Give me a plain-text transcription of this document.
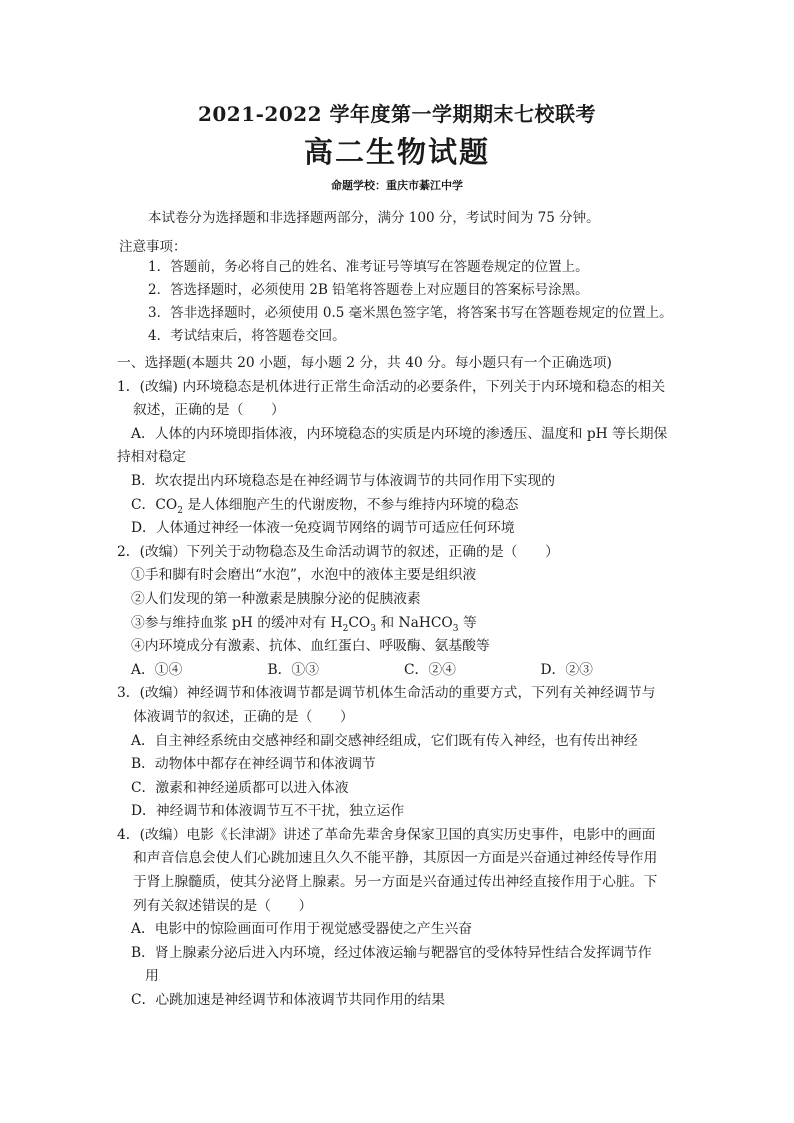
2021-2022 学年度第一学期期末七校联考
高二生物试题
命题学校：重庆市綦江中学
本试卷分为选择题和非选择题两部分，满分 100 分，考试时间为 75 分钟。
注意事项：
1．答题前，务必将自己的姓名、准考证号等填写在答题卷规定的位置上。
2．答选择题时，必须使用 2B 铅笔将答题卷上对应题目的答案标号涂黑。
3．答非选择题时，必须使用 0.5 毫米黑色签字笔，将答案书写在答题卷规定的位置上。
4．考试结束后，将答题卷交回。
一、选择题(本题共 20 小题，每小题 2 分，共 40 分。每小题只有一个正确选项)
1．(改编) 内环境稳态是机体进行正常生命活动的必要条件，下列关于内环境和稳态的相关
叙述，正确的是（　　）
A．人体的内环境即指体液，内环境稳态的实质是内环境的渗透压、温度和 pH 等长期保
持相对稳定
B．坎农提出内环境稳态是在神经调节与体液调节的共同作用下实现的
C．$CO_2$ 是人体细胞产生的代谢废物，不参与维持内环境的稳态
D．人体通过神经一体液一免疫调节网络的调节可适应任何环境
2．(改编）下列关于动物稳态及生命活动调节的叙述，正确的是（　　）
①手和脚有时会磨出“水泡”，水泡中的液体主要是组织液
②人们发现的第一种激素是胰腺分泌的促胰液素
③参与维持血浆 pH 的缓冲对有 $H_2CO_3$ 和 NaHCO$_3$ 等
④内环境成分有激素、抗体、血红蛋白、呼吸酶、氨基酸等
A．①④	B．①③	C．②④	D．②③
3．(改编）神经调节和体液调节都是调节机体生命活动的重要方式，下列有关神经调节与
体液调节的叙述，正确的是（　　）
A．自主神经系统由交感神经和副交感神经组成，它们既有传入神经，也有传出神经
B．动物体中都存在神经调节和体液调节
C．激素和神经递质都可以进入体液
D．神经调节和体液调节互不干扰，独立运作
4．(改编）电影《长津湖》讲述了革命先辈舍身保家卫国的真实历史事件，电影中的画面
和声音信息会使人们心跳加速且久久不能平静，其原因一方面是兴奋通过神经传导作用
于肾上腺髓质，使其分泌肾上腺素。另一方面是兴奋通过传出神经直接作用于心脏。下
列有关叙述错误的是（　　）
A．电影中的惊险画面可作用于视觉感受器使之产生兴奋
B．肾上腺素分泌后进入内环境，经过体液运输与靶器官的受体特异性结合发挥调节作
用
C．心跳加速是神经调节和体液调节共同作用的结果
